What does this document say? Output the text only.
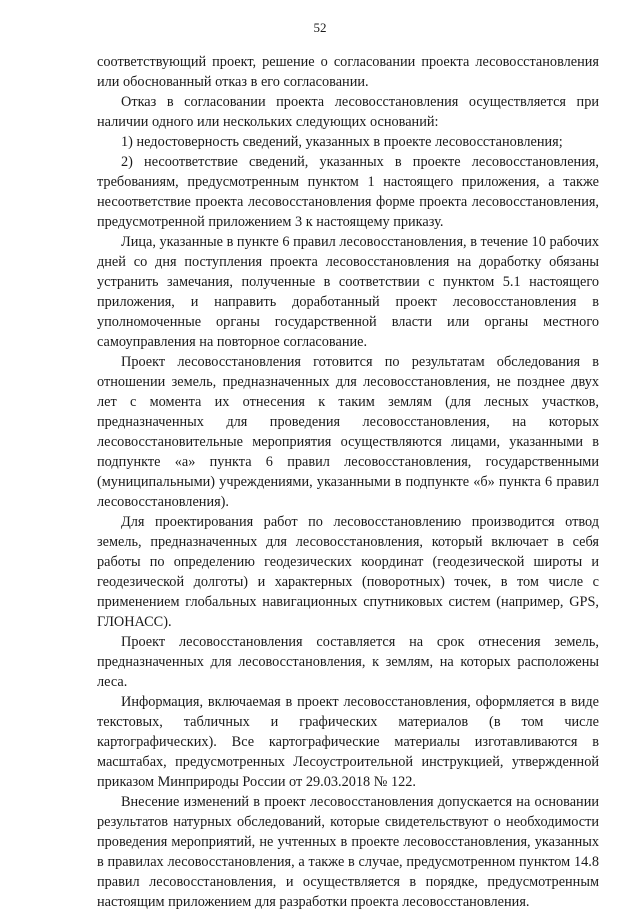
52

соответствующий проект, решение о согласовании проекта лесовосстановления или обоснованный отказ в его согласовании.

Отказ в согласовании проекта лесовосстановления осуществляется при наличии одного или нескольких следующих оснований:

1) недостоверность сведений, указанных в проекте лесовосстановления;

2) несоответствие сведений, указанных в проекте лесовосстановления, требованиям, предусмотренным пунктом 1 настоящего приложения, а также несоответствие проекта лесовосстановления форме проекта лесовосстановления, предусмотренной приложением 3 к настоящему приказу.

Лица, указанные в пункте 6 правил лесовосстановления, в течение 10 рабочих дней со дня поступления проекта лесовосстановления на доработку обязаны устранить замечания, полученные в соответствии с пунктом 5.1 настоящего приложения, и направить доработанный проект лесовосстановления в уполномоченные органы государственной власти или органы местного самоуправления на повторное согласование.

Проект лесовосстановления готовится по результатам обследования в отношении земель, предназначенных для лесовосстановления, не позднее двух лет с момента их отнесения к таким землям (для лесных участков, предназначенных для проведения лесовосстановления, на которых лесовосстановительные мероприятия осуществляются лицами, указанными в подпункте «а» пункта 6 правил лесовосстановления, государственными (муниципальными) учреждениями, указанными в подпункте «б» пункта 6 правил лесовосстановления).

Для проектирования работ по лесовосстановлению производится отвод земель, предназначенных для лесовосстановления, который включает в себя работы по определению геодезических координат (геодезической широты и геодезической долготы) и характерных (поворотных) точек, в том числе с применением глобальных навигационных спутниковых систем (например, GPS, ГЛОНАСС).

Проект лесовосстановления составляется на срок отнесения земель, предназначенных для лесовосстановления, к землям, на которых расположены леса.

Информация, включаемая в проект лесовосстановления, оформляется в виде текстовых, табличных и графических материалов (в том числе картографических). Все картографические материалы изготавливаются в масштабах, предусмотренных Лесоустроительной инструкцией, утвержденной приказом Минприроды России от 29.03.2018 № 122.

Внесение изменений в проект лесовосстановления допускается на основании результатов натурных обследований, которые свидетельствуют о необходимости проведения мероприятий, не учтенных в проекте лесовосстановления, указанных в правилах лесовосстановления, а также в случае, предусмотренном пунктом 14.8 правил лесовосстановления, и осуществляется в порядке, предусмотренным настоящим приложением для разработки проекта лесовосстановления.
